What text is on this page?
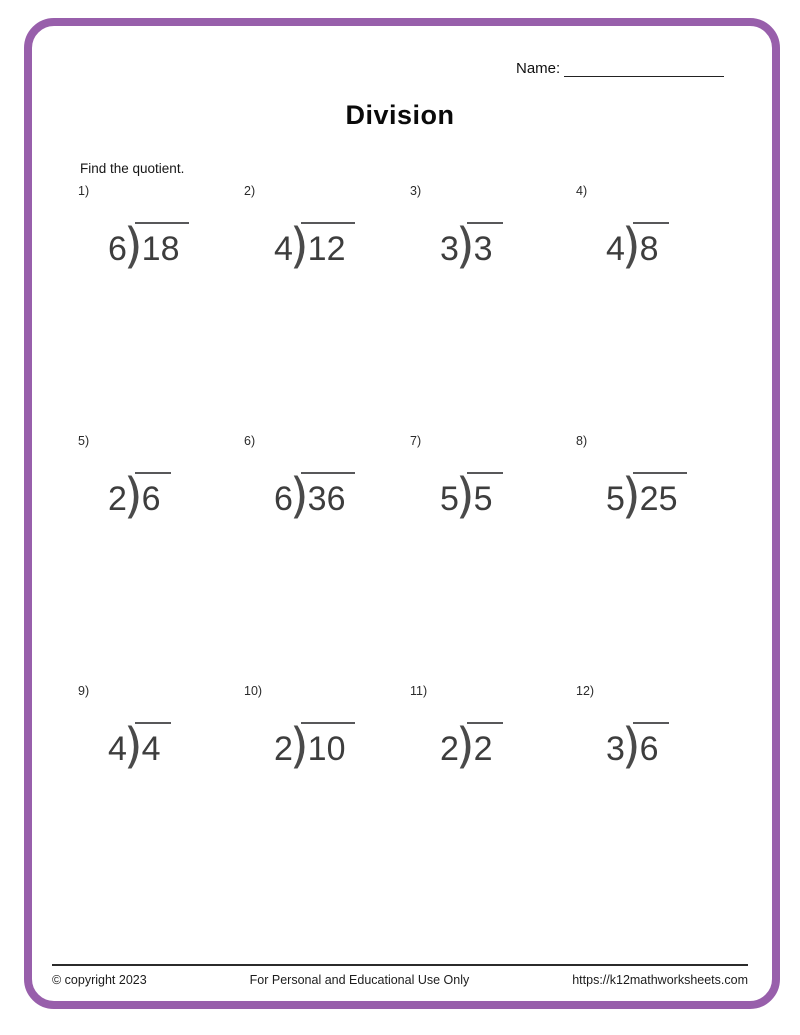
Name:
Division
Find the quotient.
1)
6)18
2)
4)12
3)
3)3
4)
4)8
5)
2)6
6)
6)36
7)
5)5
8)
5)25
9)
4)4
10)
2)10
11)
2)2
12)
3)6
© copyright 2023	For Personal and Educational Use Only	https://k12mathworksheets.com
